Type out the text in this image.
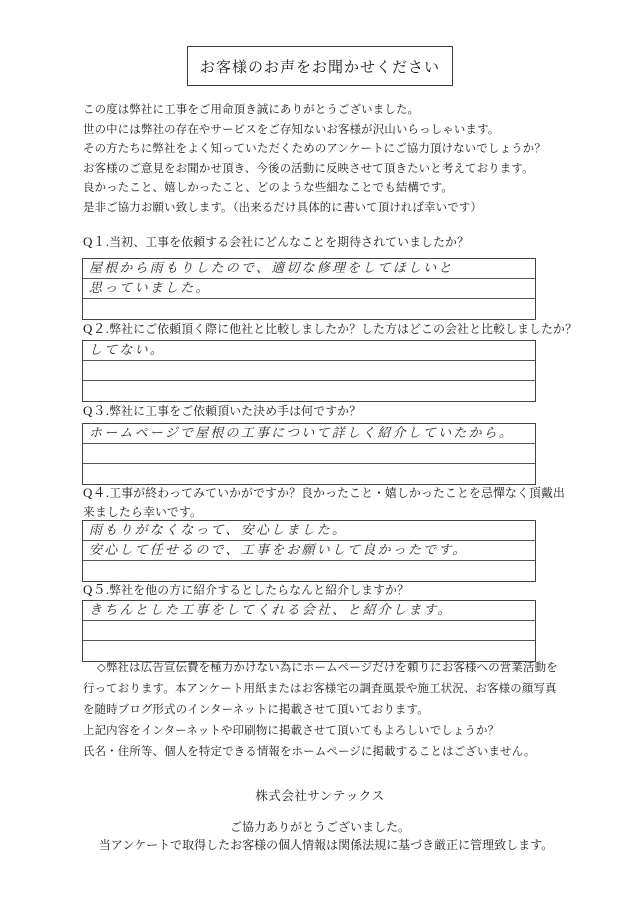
お客様のお声をお聞かせください

この度は弊社に工事をご用命頂き誠にありがとうございました。

世の中には弊社の存在やサービスをご存知ないお客様が沢山いらっしゃいます。

その方たちに弊社をよく知っていただくためのアンケートにご協力頂けないでしょうか？

お客様のご意見をお聞かせ頂き、今後の活動に反映させて頂きたいと考えております。

良かったこと、嬉しかったこと、どのような些細なことでも結構です。

是非ご協力お願い致します。（出来るだけ具体的に書いて頂ければ幸いです）

Q１.当初、工事を依頼する会社にどんなことを期待されていましたか？
屋根から雨もりしたので、適切な修理をしてほしいと
思っていました。
Q２.弊社にご依頼頂く際に他社と比較しましたか？した方はどこの会社と比較しましたか？
してない。
Q３.弊社に工事をご依頼頂いた決め手は何ですか？
ホームページで屋根の工事について詳しく紹介していたから。
Q４.工事が終わってみていかがですか？良かったこと・嬉しかったことを忌憚なく頂戴出
来ましたら幸いです。
雨もりがなくなって、安心しました。
安心して任せるので、工事をお願いして良かったです。
Q５.弊社を他の方に紹介するとしたらなんと紹介しますか？
きちんとした工事をしてくれる会社、と紹介します。

◇弊社は広告宣伝費を極力かけない為にホームページだけを頼りにお客様への営業活動を

行っております。本アンケート用紙またはお客様宅の調査風景や施工状況、お客様の顔写真

を随時ブログ形式のインターネットに掲載させて頂いております。

上記内容をインターネットや印刷物に掲載させて頂いてもよろしいでしょうか？

氏名・住所等、個人を特定できる情報をホームページに掲載することはございません。

株式会社サンテックス
ご協力ありがとうございました。
当アンケートで取得したお客様の個人情報は関係法規に基づき厳正に管理致します。
